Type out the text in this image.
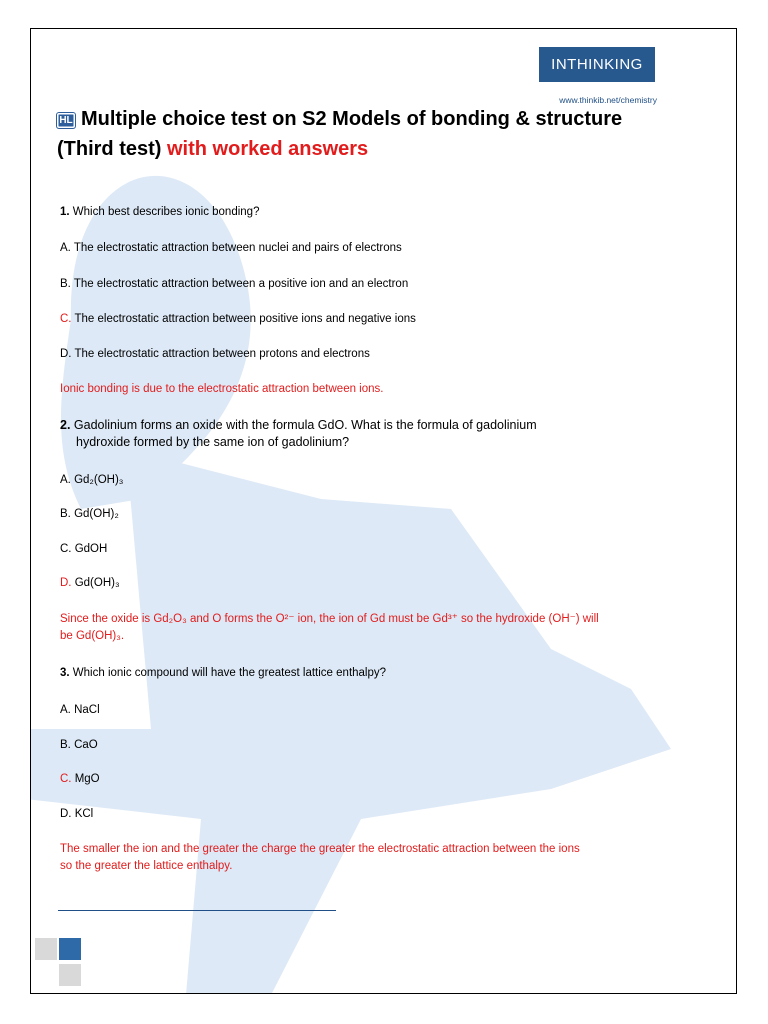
INTHINKING
www.thinkib.net/chemistry
HL Multiple choice test on S2 Models of bonding & structure
(Third test) with worked answers
1. Which best describes ionic bonding?
A. The electrostatic attraction between nuclei and pairs of electrons
B. The electrostatic attraction between a positive ion and an electron
C. The electrostatic attraction between positive ions and negative ions
D. The electrostatic attraction between protons and electrons
Ionic bonding is due to the electrostatic attraction between ions.
2. Gadolinium forms an oxide with the formula GdO. What is the formula of gadolinium
hydroxide formed by the same ion of gadolinium?
A. Gd₂(OH)₃
B. Gd(OH)₂
C. GdOH
D. Gd(OH)₃
Since the oxide is Gd₂O₃ and O forms the O²⁻ ion, the ion of Gd must be Gd³⁺ so the hydroxide (OH⁻) will
be Gd(OH)₃.
3. Which ionic compound will have the greatest lattice enthalpy?
A. NaCl
B. CaO
C. MgO
D. KCl
The smaller the ion and the greater the charge the greater the electrostatic attraction between the ions
so the greater the lattice enthalpy.
